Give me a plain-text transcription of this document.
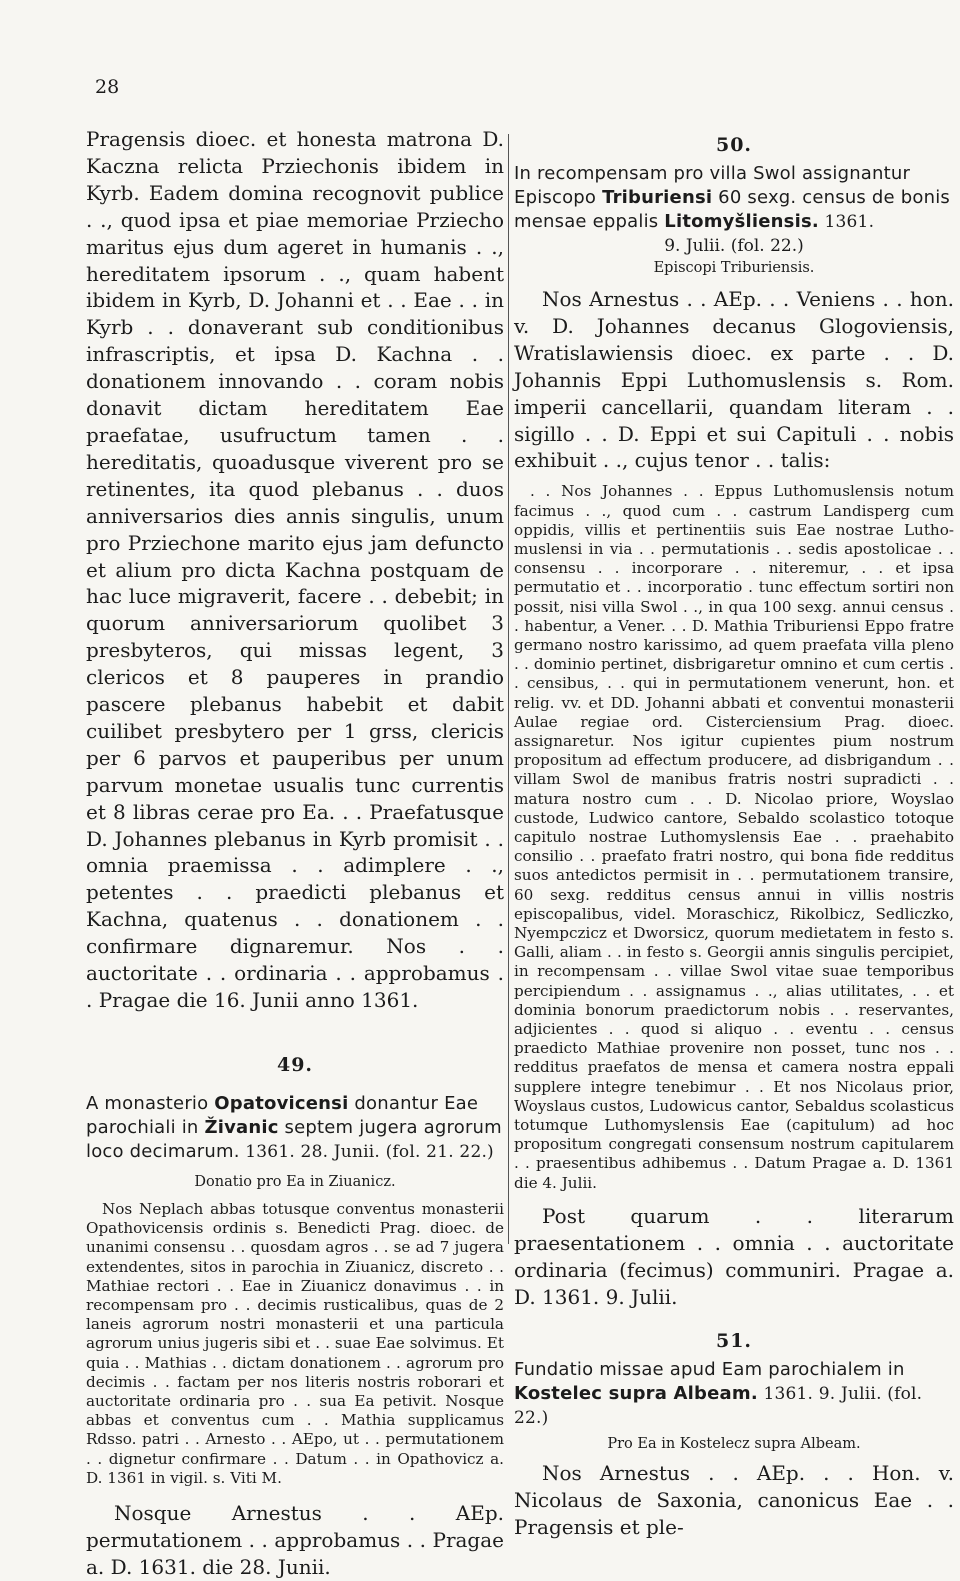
28

Pragensis dioec. et honesta matrona D. Kaczna relicta Prziechonis ibidem in Kyrb. Eadem domina recognovit publice . ., quod ipsa et piae memoriae Prziecho maritus ejus dum ageret in humanis . ., hereditatem ipsorum . ., quam habent ibidem in Kyrb, D. Johanni et . . Eae . . in Kyrb . . donaverant sub conditionibus infrascriptis, et ipsa D. Kachna . . donationem innovando . . coram nobis donavit dictam hereditatem Eae praefatae, usufructum tamen . . hereditatis, quoadusque viverent pro se retinentes, ita quod plebanus . . duos anniversarios dies annis singulis, unum pro Prziechone marito ejus jam defuncto et alium pro dicta Kachna postquam de hac luce migraverit, facere . . debebit; in quorum anniversariorum quolibet 3 presbyteros, qui missas legent, 3 clericos et 8 pauperes in prandio pascere plebanus habebit et dabit cuilibet presbytero per 1 grss, clericis per 6 parvos et pauperibus per unum parvum monetae usualis tunc currentis et 8 libras cerae pro Ea. . . Praefatusque D. Johannes plebanus in Kyrb promisit . . omnia praemissa . . adimplere . ., petentes . . praedicti plebanus et Kachna, quatenus . . donationem . . confirmare dignaremur. Nos . . auctoritate . . ordinaria . . approbamus . . Pragae die 16. Junii anno 1361.

49.

A monasterio Opatovicensi donantur Eae parochiali in Živanic septem jugera agrorum loco decimarum. 1361. 28. Junii. (fol. 21. 22.)

Donatio pro Ea in Ziuanicz.

Nos Neplach abbas totusque conventus monasterii Opathovicensis ordinis s. Benedicti Prag. dioec. de unanimi consensu . . quosdam agros . . se ad 7 jugera extendentes, sitos in parochia in Ziuanicz, discreto . . Mathiae rectori . . Eae in Ziuanicz donavimus . . in recompensam pro . . decimis rusticalibus, quas de 2 laneis agrorum nostri monasterii et una particula agrorum unius jugeris sibi et . . suae Eae solvimus. Et quia . . Mathias . . dictam donationem . . agrorum pro decimis . . factam per nos literis nostris roborari et auctoritate ordinaria pro . . sua Ea petivit. Nosque abbas et conventus cum . . Mathia supplicamus Rdsso. patri . . Arnesto . . AEpo, ut . . permutationem . . dignetur confirmare . . Datum . . in Opathovicz a. D. 1361 in vigil. s. Viti M.

Nosque Arnestus . . AEp. permutationem . . approbamus . . Pragae a. D. 1631. die 28. Junii.

50.

In recompensam pro villa Swol assignantur Episcopo Triburiensi 60 sexg. census de bonis mensae eppalis Litomyšliensis. 1361.

9. Julii. (fol. 22.)

Episcopi Triburiensis.

Nos Arnestus . . AEp. . . Veniens . . hon. v. D. Johannes decanus Glogoviensis, Wratislawiensis dioec. ex parte . . D. Johannis Eppi Luthomuslensis s. Rom. imperii cancellarii, quandam literam . . sigillo . . D. Eppi et sui Capituli . . nobis exhibuit . ., cujus tenor . . talis:

. . Nos Johannes . . Eppus Luthomuslensis notum facimus . ., quod cum . . castrum Landisperg cum oppidis, villis et pertinentiis suis Eae nostrae Luthomuslensi in via . . permutationis . . sedis apostolicae . . consensu . . incorporare . . niteremur, . . et ipsa permutatio et . . incorporatio . tunc effectum sortiri non possit, nisi villa Swol . ., in qua 100 sexg. annui census . . habentur, a Vener. . . D. Mathia Triburiensi Eppo fratre germano nostro karissimo, ad quem praefata villa pleno . . dominio pertinet, disbrigaretur omnino et cum certis . . censibus, . . qui in permutationem venerunt, hon. et relig. vv. et DD. Johanni abbati et conventui monasterii Aulae regiae ord. Cisterciensium Prag. dioec. assignaretur. Nos igitur cupientes pium nostrum propositum ad effectum producere, ad disbrigandum . . villam Swol de manibus fratris nostri supradicti . . matura nostro cum . . D. Nicolao priore, Woyslao custode, Ludwico cantore, Sebaldo scolastico totoque capitulo nostrae Luthomyslensis Eae . . praehabito consilio . . praefato fratri nostro, qui bona fide redditus suos antedictos permisit in . . permutationem transire, 60 sexg. redditus census annui in villis nostris episcopalibus, videl. Moraschicz, Rikolbicz, Sedliczko, Nyempczicz et Dworsicz, quorum medietatem in festo s. Galli, aliam . . in festo s. Georgii annis singulis percipiet, in recompensam . . villae Swol vitae suae temporibus percipiendum . . assignamus . ., alias utilitates, . . et dominia bonorum praedictorum nobis . . reservantes, adjicientes . . quod si aliquo . . eventu . . census praedicto Mathiae provenire non posset, tunc nos . . redditus praefatos de mensa et camera nostra eppali supplere integre tenebimur . . Et nos Nicolaus prior, Woyslaus custos, Ludowicus cantor, Sebaldus scolasticus totumque Luthomyslensis Eae (capitulum) ad hoc propositum congregati consensum nostrum capitularem . . praesentibus adhibemus . . Datum Pragae a. D. 1361 die 4. Julii.

Post quarum . . literarum praesentationem . . omnia . . auctoritate ordinaria (fecimus) communiri. Pragae a. D. 1361. 9. Julii.

51.

Fundatio missae apud Eam parochialem in Kostelec supra Albeam. 1361. 9. Julii. (fol. 22.)

Pro Ea in Kostelecz supra Albeam.

Nos Arnestus . . AEp. . . Hon. v. Nicolaus de Saxonia, canonicus Eae . . Pragensis et ple-
